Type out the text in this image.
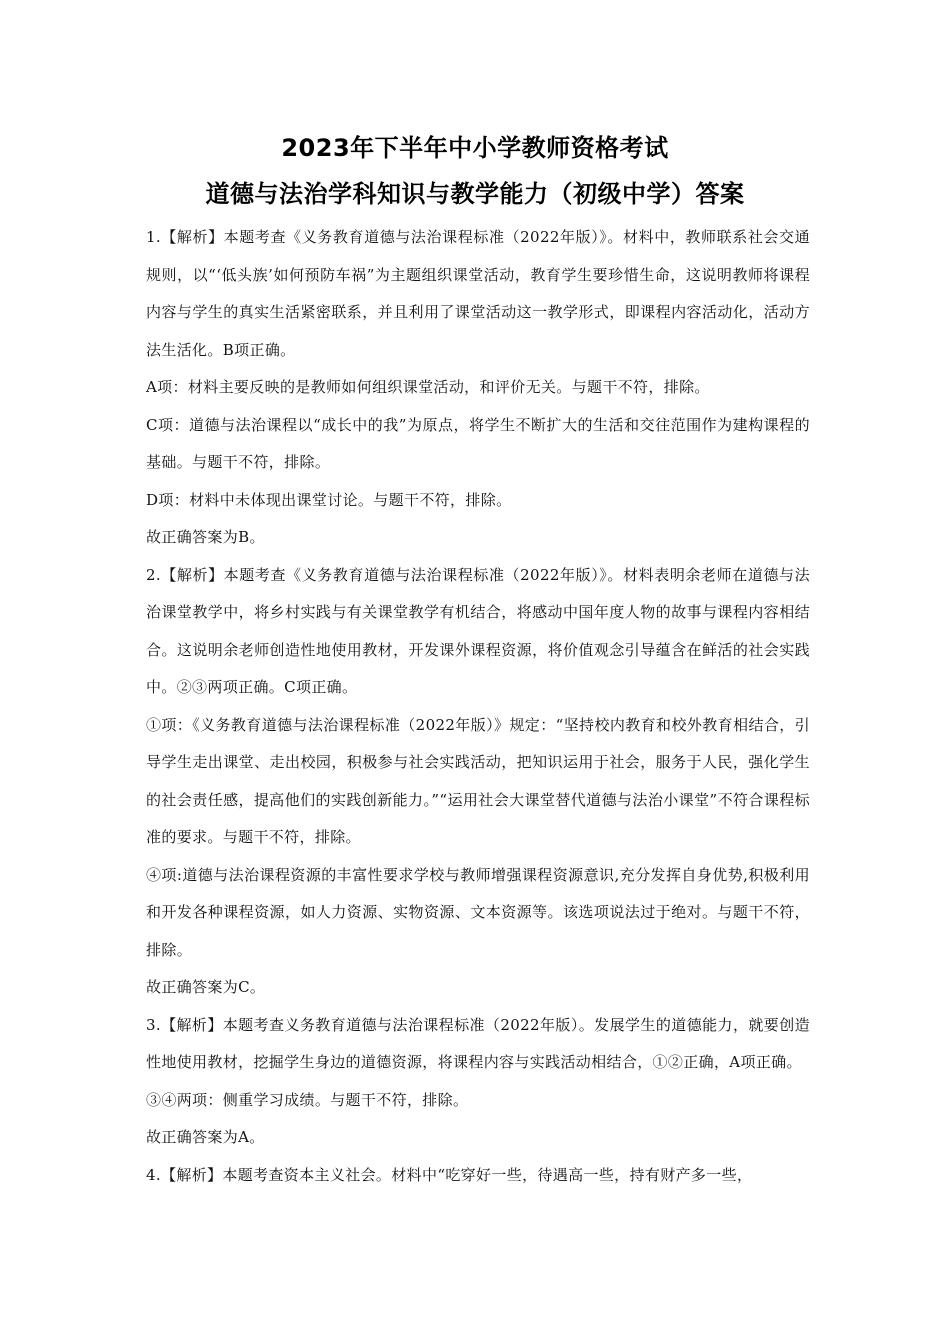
2023年下半年中小学教师资格考试
道德与法治学科知识与教学能力（初级中学）答案

1.【解析】本题考查《义务教育道德与法治课程标准（2022年版）》。材料中，教师联系社会交通规则，以“‘低头族’如何预防车祸”为主题组织课堂活动，教育学生要珍惜生命，这说明教师将课程内容与学生的真实生活紧密联系，并且利用了课堂活动这一教学形式，即课程内容活动化，活动方法生活化。B项正确。

A项：材料主要反映的是教师如何组织课堂活动，和评价无关。与题干不符，排除。

C项：道德与法治课程以“成长中的我”为原点，将学生不断扩大的生活和交往范围作为建构课程的基础。与题干不符，排除。

D项：材料中未体现出课堂讨论。与题干不符，排除。

故正确答案为B。

2.【解析】本题考查《义务教育道德与法治课程标准（2022年版）》。材料表明余老师在道德与法治课堂教学中，将乡村实践与有关课堂教学有机结合，将感动中国年度人物的故事与课程内容相结合。这说明余老师创造性地使用教材，开发课外课程资源，将价值观念引导蕴含在鲜活的社会实践中。②③两项正确。C项正确。

①项：《义务教育道德与法治课程标准（2022年版）》规定：“坚持校内教育和校外教育相结合，引导学生走出课堂、走出校园，积极参与社会实践活动，把知识运用于社会，服务于人民，强化学生的社会责任感，提高他们的实践创新能力。”“运用社会大课堂替代道德与法治小课堂”不符合课程标准的要求。与题干不符，排除。

④项:道德与法治课程资源的丰富性要求学校与教师增强课程资源意识,充分发挥自身优势,积极利用和开发各种课程资源，如人力资源、实物资源、文本资源等。该选项说法过于绝对。与题干不符，排除。

故正确答案为C。

3.【解析】本题考查义务教育道德与法治课程标准（2022年版）。发展学生的道德能力，就要创造性地使用教材，挖掘学生身边的道德资源，将课程内容与实践活动相结合，①②正确，A项正确。

③④两项：侧重学习成绩。与题干不符，排除。

故正确答案为A。

4.【解析】本题考查资本主义社会。材料中“吃穿好一些，待遇高一些，持有财产多一些，
